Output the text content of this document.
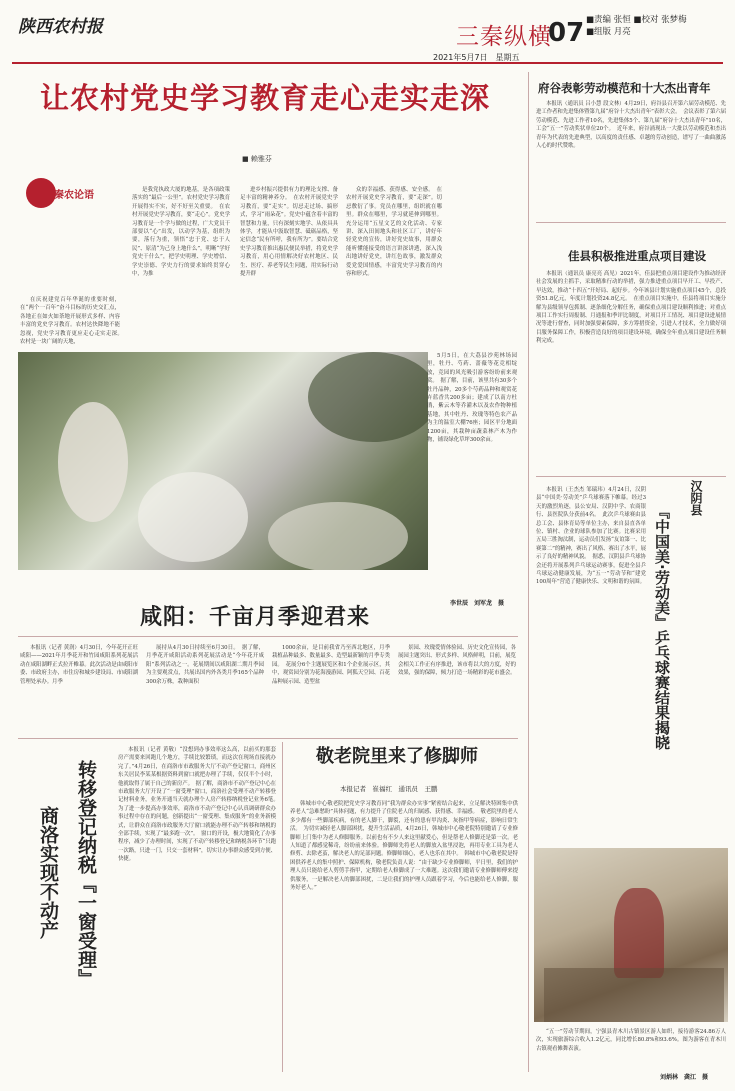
陕西农村报	三秦纵横
07 ■责编 张恒 ■校对 张梦梅
■组版 月亮
2021年5月7日　星期五
让农村党史学习教育走心走实走深
■ 赖雅芬
秦农论语
在庆祝建党百年华诞的重要时刻，在“两个一百年”奋斗目标的历史交汇点，各地正在如火如荼地开展形式多样、内容丰富的党史学习教育。农村达快降地不能忽视，党史学习教育更应走心走实走深。　农村是一块广阔的天地，
是我党执政大厦的地基，是各项政策落实的“最后一公里”。农村党史学习教育开展得实不实，好不好至关重要。　在农村开展党史学习教育，要“走心”。党史学习教育是一个学与做的过程，广大党员干部要以“心”出发，以动学为基，组织为要，落行为重，领悟“忠于党、忠于人民”、原清“为己身上地什么”，明晰“学好党史干什么”，把学史明理、学史增信、学史崇德、学史力行的要求始终贯穿心中，为推
进乡村振兴提供有力的理论支撑、备足丰富的精神养分。　在农村开展党史学习教育，要“走实”。切忌走过场、搞形式，学习“雨朵花”。党史中蕴含着丰富的智慧和力量，只有深刻实地学、从依具具体学，才能从中汲取智慧、砥砺品格，坚定信念“民有所呼，我有所为”。要结合党史学习教育推出惠民便民举措，将党史学习教育，用心用情解决好农村地区、民生、医疗、养老等民生问题，用实际行动提升群
众的幸福感、获得感、安全感。　在农村开展党史学习教育，要“走深”。切忌敷衍了事。党员在哪里，组织就在哪里。群众在哪里，学习就延伸到哪里。充分运用“五星文艺的文化活动、专家讲、深入田间地头和社区工厂，讲好年轻党史的宣传，讲好党史故事，用群众能听懂能接受的语言讲深讲透，深入浅出地讲好党史，讲红色故事，激发群众爱党爱国情感，丰富党史学习教育的内容和形式。
5月5日，在大荔县沙苑林场园里，牡丹、芍药、蔷薇等花竞相绽放，竞园的风光吸引游客纷纷前来观赏。　据了解，目前，该里共有30多个牡丹品种，20多个芍药品种和观赏花卉蓝香共200多亩；建成了以南方杜鹃，紫云木等乔灌木以及农作物种植基地，其中牡丹、玫瑰等特色农产品为主的温室大棚76座；园区平分地面1200亩，其栽种亩蔬菜林产木为作物，铺设绿化草坪300余亩。
李世辰　刘军龙　摄
咸阳：千亩月季迎君来
本报讯（记者 黄润）4月30日，今年花开正旺咸阳——2021年月季花开和竹园咸阳系列花展活动在咸阳湖畔正式拉开帷幕。此次活动是由咸阳市委、市政府主办，市住房和城乡建设局、市咸阳湖管理处承办。月季
展持从4月30日持续至6月30日。　据了解，月季花开咸阳活动系列花展活动是“今年花开咸阳”系列活动之一。花展期间以咸阳湖二期月季园为主要观赏点，共展出国内外各类月季165个品种300余万株，栽种面积
1000余亩，是目前我省乃至西北地区，月季栽植品种最多、数量最多、造型最新颖的月季专类园。　花展分6个主题展览区和1个企业展示区，其中，观赏园分别为花海漫游园、阿狐天空园、百花品种展示园、造型盆
景园、玫瑰爱情体验园、历史文化宣传园，各展园主题突出、形式多样、风格鲜明，目前，展览会相关工作正有序推进，该市将以大的方度，好的效果，强的保障，倾力打造一场精彩的花市盛会。
转移登记纳税『一窗受理』
商洛实现不动产
本报讯（记者 黄敬）“没想到办事效率这么高，以前买的那套房产需要来回跑几个地方，手续比较繁琐，而这次在现场直接就办完了。”4月26日，在商洛市市政服务大厅不动产登记窗口，商州区东关居民李某某根据资料到窗口就把办理了手续，仅仅半个小时，他就取得了属于自己的新房产。　据了解，商洛市不动产登记中心在市政服务大厅开设了“一窗受理”窗口，商洛社会受理不动产转移登记材料业务，业务开通当天就办理个人房产转移纳税登记业务6笔。　为了进一步提高办事效率，商洛市不动产登记中心认真调研群众办事过程中存在的问题，创新提出“一窗受理、集成服务”的业务新模式，让群众在商洛市政服务大厅窗口就能办理不动产转移和纳税的全部手续，实现了“最多跑一次”。　窗口的开设，极大地简化了办事程序，减少了办理时间，实现了不动产转移登记和纳税各环节“只跑一次路，只进一门，只交一套材料”，切实让办事群众感受到方便、快捷。
敬老院里来了修脚师
本报记者　崔福红　通讯员　王鹏
韩城市中心敬老院把党史学习教育同“我为群众办实事”紧密结合起来，立足解决特困集中供养老人“急难愁盼”具体问题，有力提升了住院老人的归属感、获得感、幸福感。　敬老院里的老人多少都有一些脚部疾病，有的老人脚干，脚裂，还有的患有甲沟炎、灰指甲等病症，影响日常生活。　为切实减轻老人脚部困扰，提升生活品质，4月26日，韩城市中心敬老院特别邀请了专业修脚师上门集中为老人修脚服务。以前也有不少人来这里献爱心，但是帮老人修脚还是第一次。老人知道了都感觉稀奇，纷纷前来体验。修脚师先将老人的脚放入盆里浸泡，再用专业工具为老人修剪、去除老茧，解决老人的足部问题。修脚师细心，老人也乐在其中。　韩城市中心敬老院是特困供养老人的集中照护、保障机构，敬老院负责人说：“由于缺少专业修脚师，平日里，我们的护理人员只能给老人剪剪手指甲，定期给老人修脚成了一大难题。这次我们邀请专业修脚师傅来提供服务，一是解决老人的脚部困扰，二是让我们的护理人员跟着学习，今后也能给老人修脚，服务好老人。”
府谷表彰劳动模范和十大杰出青年
本报讯（通讯员 吕小慧 段文林）4月29日，府谷县召开第六届劳动模范、先进工作者和先进集体暨第九届“府谷十大杰出青年”表彰大会。　会议表彰了第六届劳动模范、先进工作者10名，先进集体5个、第九届“府谷十大杰出青年”10名，工会“五一”劳动奖状单位20个。　近年来，府谷涌现出一大批以劳动模范和杰出青年为代表的先进典型，以高度的责任感、卓越的劳动创造，谱写了一曲曲激荡人心的时代赞歌。
佳县积极推进重点项目建设
本报讯（通讯员 康亮亮 高见）2021年，佳县把重点项目建设作为推动经济社会发展的主抓手，采取精准行动的举措，强力推进重点项目早开工、早投产、早达效，推动“十四五”开好局、起好步。今年该县计划实施重点项目45个，总投资51.8亿元，年度计划投资24.8亿元。　在重点项目实施中，佳县将项目实施分解为县级领导包抓制、逐条细化分解任务，确保重点项目建设顺利推进；对重点项目工作实行周报制、月通报和季评比制度，对项目开工情况、项目建设进展情况等进行督查，同时加强要素保障，多方筹措资金，引进人才技术，全力做好项目服务保障工作，积极营造良好的项目建设环境，确保全年重点项目建设任务顺利完成。
本报讯（王杰杰 邹瑞玮）4月24日，汉阴县“中国美·劳动美”乒乓球赛落下帷幕。经过3天的激烈角逐，县公安局、汉阴中学、农商银行、县医院队分获前4名。　此次乒乓球赛由县总工会、县体育局等单位主办，来自县直各单位、镇村、企业的球队参加了比赛。比赛采用五局三胜淘汰制，运动员们发扬“友谊第一、比赛第二”的精神，赛出了风格、赛出了水平，展示了良好的精神风貌。　据悉，汉阴县乒乓球协会还将开展系列乒乓球运动赛事，促进全县乒乓球运动健康发展，为“五一”劳动节和“建党100周年”营造了健康快乐、文明和谐的氛围。
汉阴县
『中国美·劳动美』乒乓球赛结果揭晓
“五一”劳动节期间，宁强县青木川古镇景区游人如织，接待游客24.86万人次，实现旅游综合收入1.2亿元，同比增长80.8%和93.6%。图为游客在青木川古镇观看傩舞表演。
刘炳林　龚江　摄
